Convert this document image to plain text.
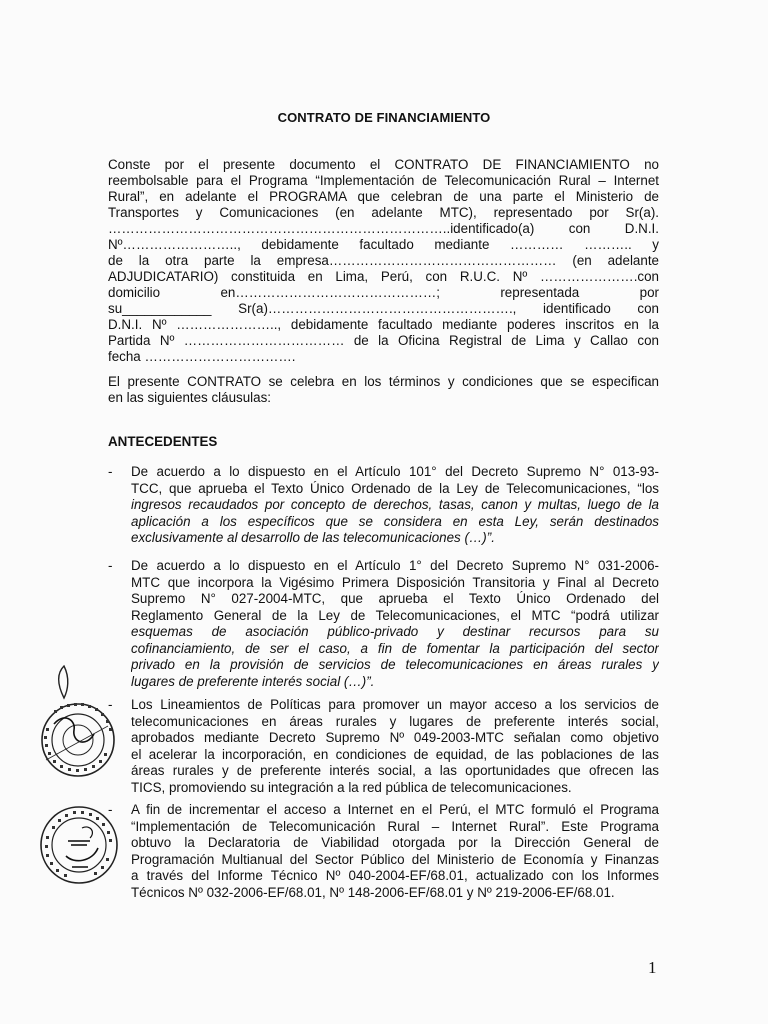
CONTRATO DE FINANCIAMIENTO
Conste por el presente documento el CONTRATO DE FINANCIAMIENTO no
reembolsable para el Programa “Implementación de Telecomunicación Rural – Internet
Rural”, en adelante el PROGRAMA que celebran de una parte el Ministerio de
Transportes y Comunicaciones (en adelante MTC), representado por Sr(a).
…………………………………………………………………..identificado(a) con D.N.I.
Nº…………………….., debidamente facultado mediante ………… ……….. y
de la otra parte la empresa…………………………………………… (en adelante
ADJUDICATARIO) constituida en Lima, Perú, con R.U.C. Nº ………………….con
domicilio en………………………………………; representada por
su____________ Sr(a)………………………………………………., identificado con
D.N.I. Nº ………………….., debidamente facultado mediante poderes inscritos en la
Partida Nº ……………………………… de la Oficina Registral de Lima y Callao con
fecha …………………………….
El presente CONTRATO se celebra en los términos y condiciones que se especifican
en las siguientes cláusulas:
ANTECEDENTES
- De acuerdo a lo dispuesto en el Artículo 101° del Decreto Supremo N° 013-93-
TCC, que aprueba el Texto Único Ordenado de la Ley de Telecomunicaciones, “los
ingresos recaudados por concepto de derechos, tasas, canon y multas, luego de la
aplicación a los específicos que se considera en esta Ley, serán destinados
exclusivamente al desarrollo de las telecomunicaciones (…)”.
- De acuerdo a lo dispuesto en el Artículo 1° del Decreto Supremo N° 031-2006-
MTC que incorpora la Vigésimo Primera Disposición Transitoria y Final al Decreto
Supremo N° 027-2004-MTC, que aprueba el Texto Único Ordenado del
Reglamento General de la Ley de Telecomunicaciones, el MTC “podrá utilizar
esquemas de asociación público-privado y destinar recursos para su
cofinanciamiento, de ser el caso, a fin de fomentar la participación del sector
privado en la provisión de servicios de telecomunicaciones en áreas rurales y
lugares de preferente interés social (…)”.
- Los Lineamientos de Políticas para promover un mayor acceso a los servicios de
telecomunicaciones en áreas rurales y lugares de preferente interés social,
aprobados mediante Decreto Supremo Nº 049-2003-MTC señalan como objetivo
el acelerar la incorporación, en condiciones de equidad, de las poblaciones de las
áreas rurales y de preferente interés social, a las oportunidades que ofrecen las
TICS, promoviendo su integración a la red pública de telecomunicaciones.
- A fin de incrementar el acceso a Internet en el Perú, el MTC formuló el Programa
“Implementación de Telecomunicación Rural – Internet Rural”. Este Programa
obtuvo la Declaratoria de Viabilidad otorgada por la Dirección General de
Programación Multianual del Sector Público del Ministerio de Economía y Finanzas
a través del Informe Técnico Nº 040-2004-EF/68.01, actualizado con los Informes
Técnicos Nº 032-2006-EF/68.01, Nº 148-2006-EF/68.01 y Nº 219-2006-EF/68.01.
1
